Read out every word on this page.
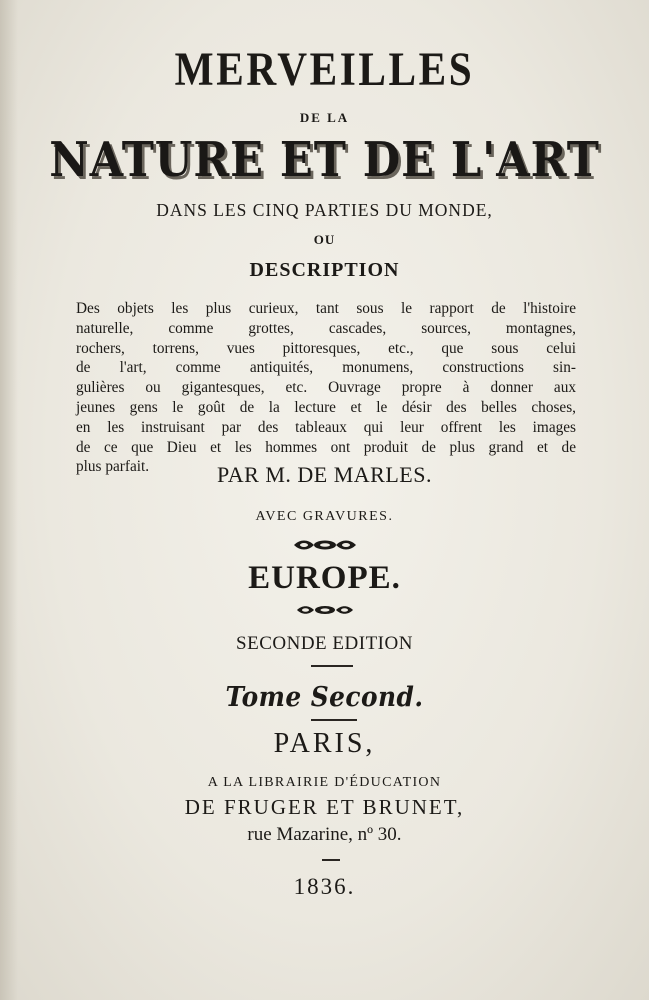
MERVEILLES
DE LA
NATURE ET DE L'ART
DANS LES CINQ PARTIES DU MONDE,
OU
DESCRIPTION
Des objets les plus curieux, tant sous le rapport de l'histoire
naturelle, comme grottes, cascades, sources, montagnes,
rochers, torrens, vues pittoresques, etc., que sous celui
de l'art, comme antiquités, monumens, constructions sin-
gulières ou gigantesques, etc. Ouvrage propre à donner aux
jeunes gens le goût de la lecture et le désir des belles choses,
en les instruisant par des tableaux qui leur offrent les images
de ce que Dieu et les hommes ont produit de plus grand et de
plus parfait.	PAR M. DE MARLES.
AVEC GRAVURES.
EUROPE.
SECONDE EDITION
Tome Second.
PARIS,
A LA LIBRAIRIE D'ÉDUCATION
DE FRUGER ET BRUNET,
rue Mazarine, nº 30.
1836.
